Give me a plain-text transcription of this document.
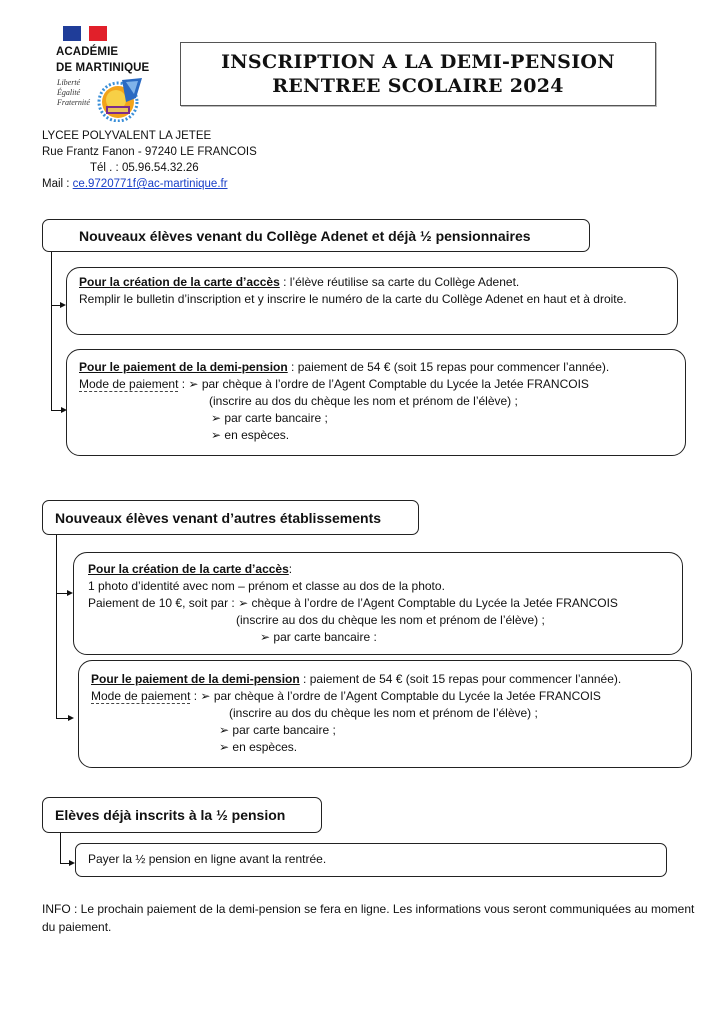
ACADÉMIE
DE MARTINIQUE
Liberté
Égalité
Fraternité
INSCRIPTION A LA DEMI-PENSION
RENTREE SCOLAIRE 2024
LYCEE POLYVALENT LA JETEE
Rue Frantz Fanon - 97240 LE FRANCOIS
Tél . : 05.96.54.32.26
Mail : ce.9720771f@ac-martinique.fr
Nouveaux élèves venant du Collège Adenet et déjà ½ pensionnaires
Pour la création de la carte d’accès : l’élève réutilise sa carte du Collège Adenet.
Remplir le bulletin d’inscription et y inscrire le numéro de la carte du Collège Adenet en haut et à droite.
Pour le paiement de la demi-pension : paiement de 54 € (soit 15 repas pour commencer l’année).
Mode de paiement : ➢ par chèque à l’ordre de l’Agent Comptable du Lycée la Jetée FRANCOIS
(inscrire au dos du chèque les nom et prénom de l’élève) ;
➢ par carte bancaire ;
➢ en espèces.
Nouveaux élèves venant d’autres établissements
Pour la création de la carte d’accès:
1 photo d’identité avec nom – prénom et classe au dos de la photo.
Paiement de 10 €, soit par : ➢ chèque à l’ordre de l’Agent Comptable du Lycée la Jetée FRANCOIS
(inscrire au dos du chèque les nom et prénom de l’élève) ;
➢ par carte bancaire :
Pour le paiement de la demi-pension : paiement de 54 € (soit 15 repas pour commencer l’année).
Mode de paiement : ➢ par chèque à l’ordre de l’Agent Comptable du Lycée la Jetée FRANCOIS
(inscrire au dos du chèque les nom et prénom de l’élève) ;
➢ par carte bancaire ;
➢ en espèces.
Elèves déjà inscrits à la ½ pension
Payer la ½ pension en ligne avant la rentrée.
INFO : Le prochain paiement de la demi-pension se fera en ligne. Les informations vous seront communiquées au moment du paiement.
